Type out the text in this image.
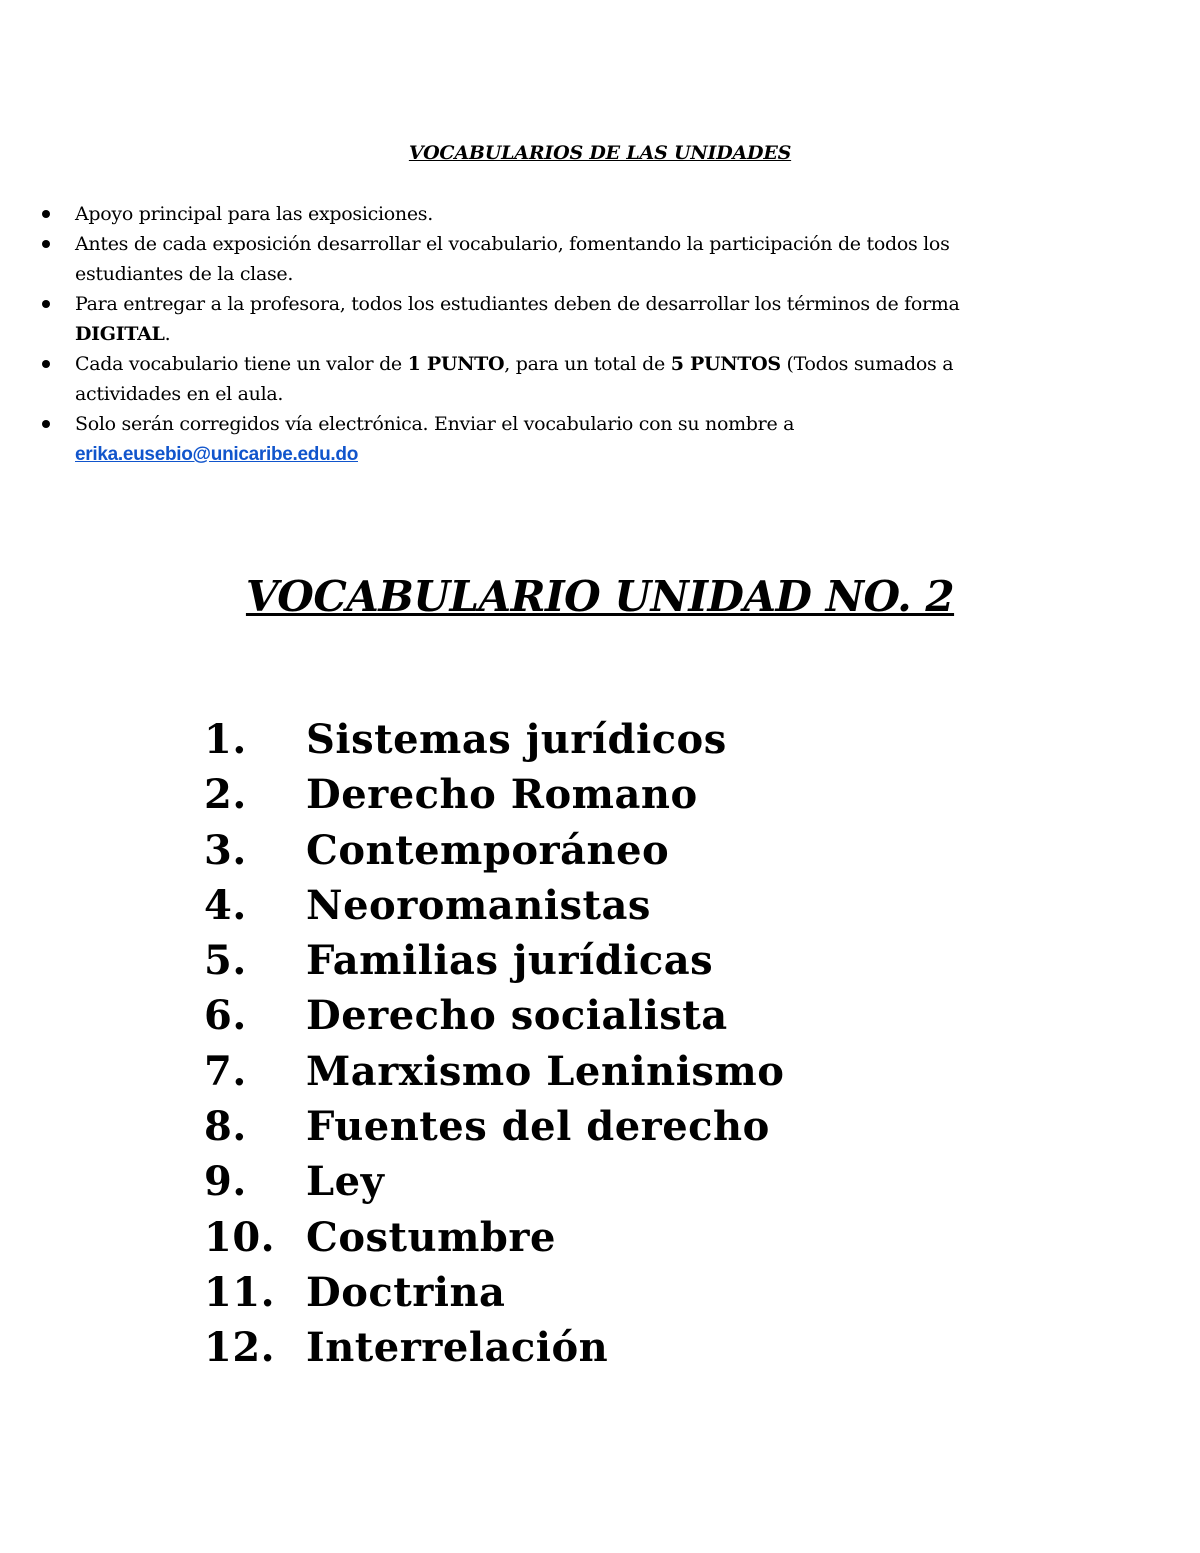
VOCABULARIOS DE LAS UNIDADES
Apoyo principal para las exposiciones.
Antes de cada exposición desarrollar el vocabulario, fomentando la participación de todos los estudiantes de la clase.
Para entregar a la profesora, todos los estudiantes deben de desarrollar los términos de forma DIGITAL.
Cada vocabulario tiene un valor de 1 PUNTO, para un total de 5 PUNTOS (Todos sumados a actividades en el aula.
Solo serán corregidos vía electrónica. Enviar el vocabulario con su nombre a
erika.eusebio@unicaribe.edu.do
VOCABULARIO UNIDAD NO. 2
1.	Sistemas jurídicos
2.	Derecho Romano
3.	Contemporáneo
4.	Neoromanistas
5.	Familias jurídicas
6.	Derecho socialista
7.	Marxismo Leninismo
8.	Fuentes del derecho
9.	Ley
10. Costumbre
11. Doctrina
12. Interrelación
